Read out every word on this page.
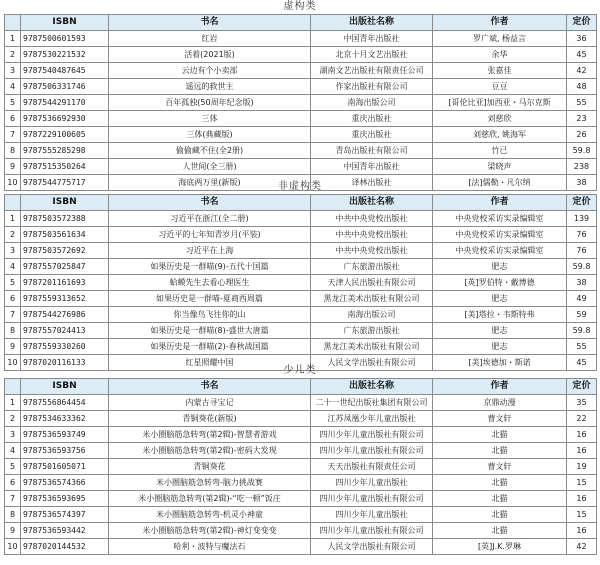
虚构类
	ISBN	书名	出版社名称	作者	定价
1	9787500601593	红岩	中国青年出版社	罗广斌, 杨益言	36
2	9787530221532	活着(2021版)	北京十月文艺出版社	余华	45
3	9787540487645	云边有个小卖部	湖南文艺出版社有限责任公司	张嘉佳	42
4	9787506331746	遥远的救世主	作家出版社有限公司	豆豆	48
5	9787544291170	百年孤独(50周年纪念版)	南海出版公司	[哥伦比亚]加西亚・马尔克斯	55
6	9787536692930	三体	重庆出版社	刘慈欣	23
7	9787229100605	三体(典藏版)	重庆出版社	刘慈欣, 姚海军	26
8	9787555285298	偷偷藏不住(全2册)	青岛出版社有限公司	竹已	59.8
9	9787515350264	人世间(全三册)	中国青年出版社	梁晓声	238
10	9787544775717	海底两万里(新版)	译林出版社	[法]儒勒・凡尔纳	38
非虚构类
	ISBN	书名	出版社名称	作者	定价
1	9787503572388	习近平在浙江(全二册)	中共中央党校出版社	中央党校采访实录编辑室	139
2	9787503561634	习近平的七年知青岁月(平装)	中共中央党校出版社	中央党校采访实录编辑室	76
3	9787503572692	习近平在上海	中共中央党校出版社	中央党校采访实录编辑室	76
4	9787557025847	如果历史是一群喵(9)-五代十国篇	广东旅游出版社	肥志	59.8
5	9787201161693	蛤蟆先生去看心理医生	天津人民出版社有限公司	[英]罗伯特・戴博德	38
6	9787559313652	如果历史是一群喵-夏商西周篇	黑龙江美术出版社有限公司	肥志	49
7	9787544276986	你当像鸟飞往你的山	南海出版公司	[美]塔拉・韦斯特弗	59
8	9787557024413	如果历史是一群喵(8)-盛世大唐篇	广东旅游出版社	肥志	59.8
9	9787559330260	如果历史是一群喵(2)-春秋战国篇	黑龙江美术出版社有限公司	肥志	55
10	9787020116133	红星照耀中国	人民文学出版社有限公司	[美]埃德加・斯诺	45
少儿类
	ISBN	书名	出版社名称	作者	定价
1	9787556864454	内蒙古寻宝记	二十一世纪出版社集团有限公司	京鼎动漫	35
2	9787534633362	青铜葵花(新版)	江苏凤凰少年儿童出版社	曹文轩	22
3	9787536593749	米小圈脑筋急转弯(第2辑)-智慧者游戏	四川少年儿童出版社有限公司	北猫	16
4	9787536593756	米小圈脑筋急转弯(第2辑)-密码大发现	四川少年儿童出版社有限公司	北猫	16
5	9787501605071	青铜葵花	天天出版社有限责任公司	曹文轩	19
6	9787536574366	米小圈脑筋急转弯-脑力挑战赛	四川少年儿童出版社	北猫	15
7	9787536593695	米小圈脑筋急转弯(第2辑)-“吃一顿”饭庄	四川少年儿童出版社有限公司	北猫	16
8	9787536574397	米小圈脑筋急转弯-机灵小神童	四川少年儿童出版社	北猫	15
9	9787536593442	米小圈脑筋急转弯(第2辑)-神灯变变变	四川少年儿童出版社有限公司	北猫	16
10	9787020144532	哈利・波特与魔法石	人民文学出版社有限公司	[英]J.K.罗琳	42
